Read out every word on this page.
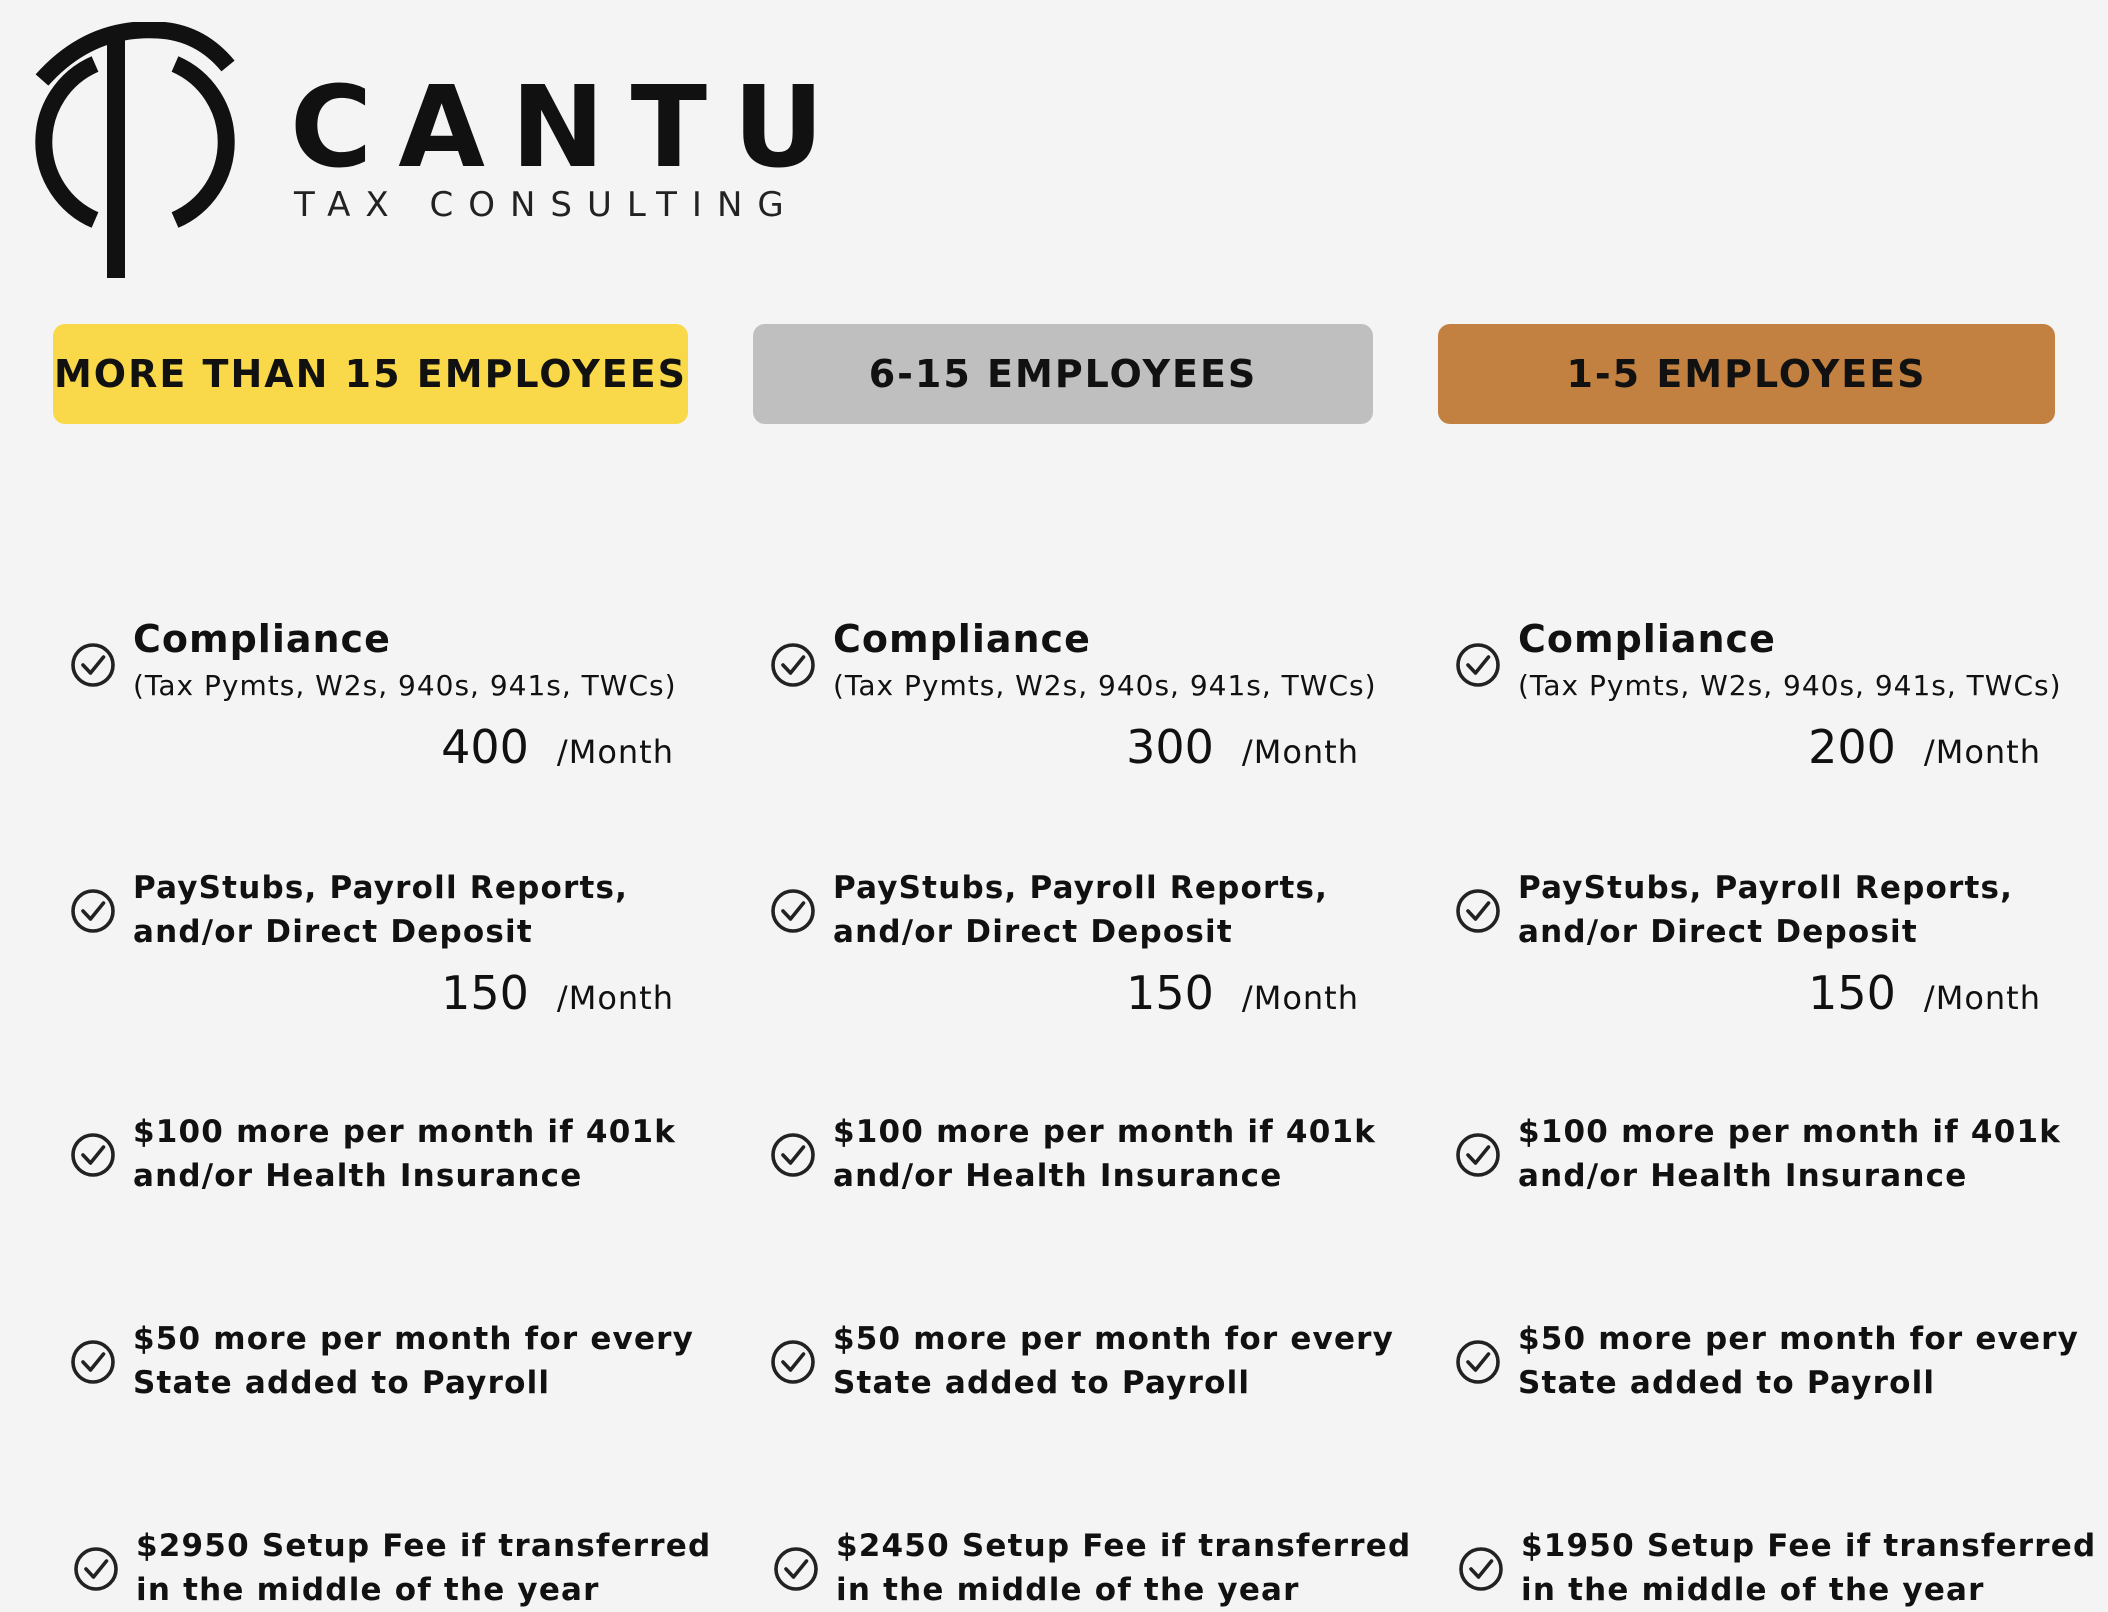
CANTU
TAX CONSULTING
MORE THAN 15 EMPLOYEES
Compliance
(Tax Pymts, W2s, 940s, 941s, TWCs)
400 /Month
PayStubs, Payroll Reports,
and/or Direct Deposit
150 /Month
$100 more per month if 401k
and/or Health Insurance
$50 more per month for every
State added to Payroll
$2950 Setup Fee if transferred
in the middle of the year
6-15 EMPLOYEES
Compliance
(Tax Pymts, W2s, 940s, 941s, TWCs)
300 /Month
PayStubs, Payroll Reports,
and/or Direct Deposit
150 /Month
$100 more per month if 401k
and/or Health Insurance
$50 more per month for every
State added to Payroll
$2450 Setup Fee if transferred
in the middle of the year
1-5 EMPLOYEES
Compliance
(Tax Pymts, W2s, 940s, 941s, TWCs)
200 /Month
PayStubs, Payroll Reports,
and/or Direct Deposit
150 /Month
$100 more per month if 401k
and/or Health Insurance
$50 more per month for every
State added to Payroll
$1950 Setup Fee if transferred
in the middle of the year
